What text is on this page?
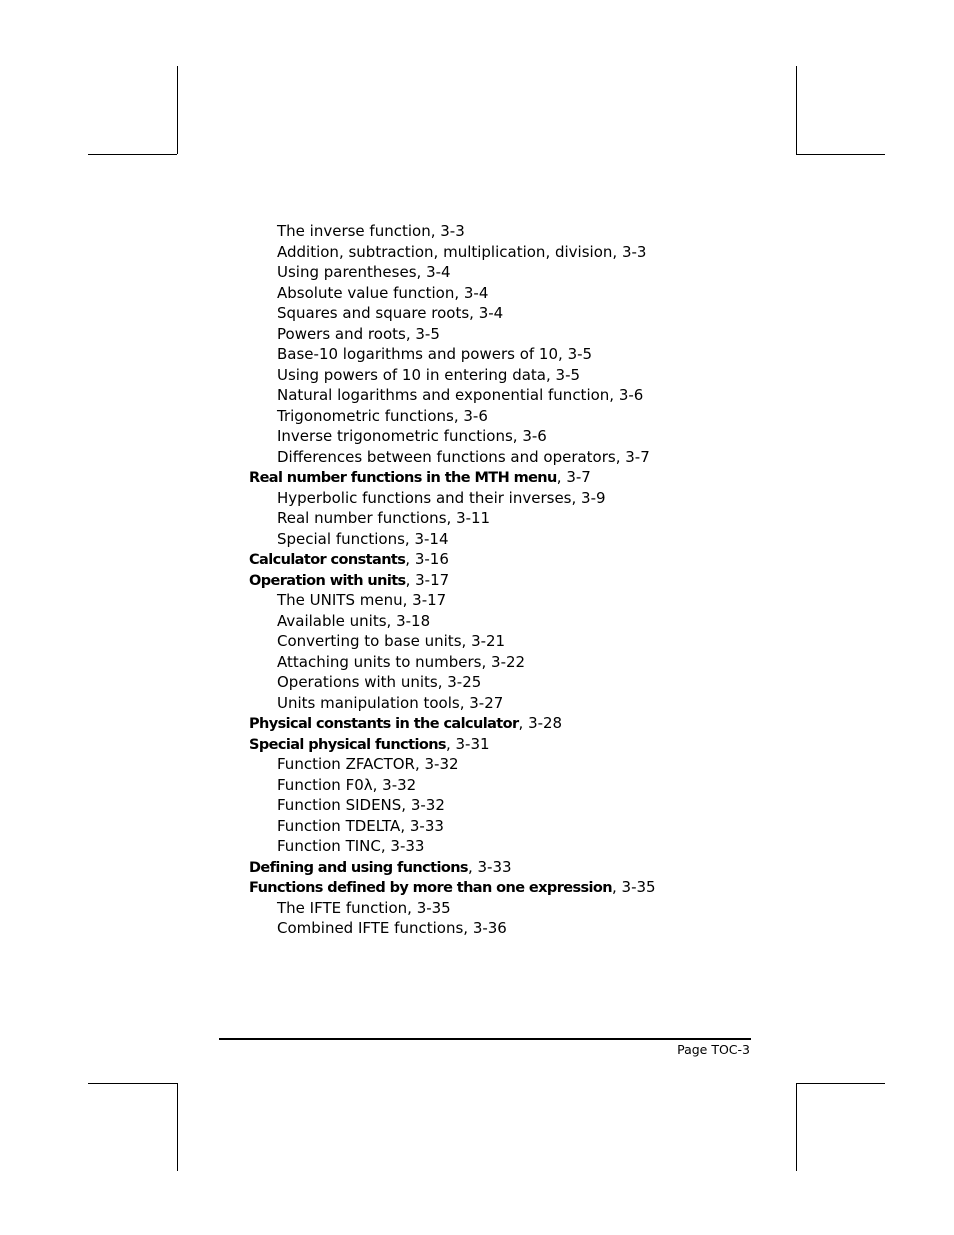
The inverse function, 3-3
Addition, subtraction, multiplication, division, 3-3
Using parentheses, 3-4
Absolute value function, 3-4
Squares and square roots, 3-4
Powers and roots, 3-5
Base-10 logarithms and powers of 10, 3-5
Using powers of 10 in entering data, 3-5
Natural logarithms and exponential function, 3-6
Trigonometric functions, 3-6
Inverse trigonometric functions, 3-6
Differences between functions and operators, 3-7
Real number functions in the MTH menu, 3-7
Hyperbolic functions and their inverses, 3-9
Real number functions, 3-11
Special functions, 3-14
Calculator constants, 3-16
Operation with units, 3-17
The UNITS menu, 3-17
Available units, 3-18
Converting to base units, 3-21
Attaching units to numbers, 3-22
Operations with units, 3-25
Units manipulation tools, 3-27
Physical constants in the calculator, 3-28
Special physical functions, 3-31
Function ZFACTOR, 3-32
Function F0λ, 3-32
Function SIDENS, 3-32
Function TDELTA, 3-33
Function TINC, 3-33
Defining and using functions, 3-33
Functions defined by more than one expression, 3-35
The IFTE function, 3-35
Combined IFTE functions, 3-36
Page TOC-3
